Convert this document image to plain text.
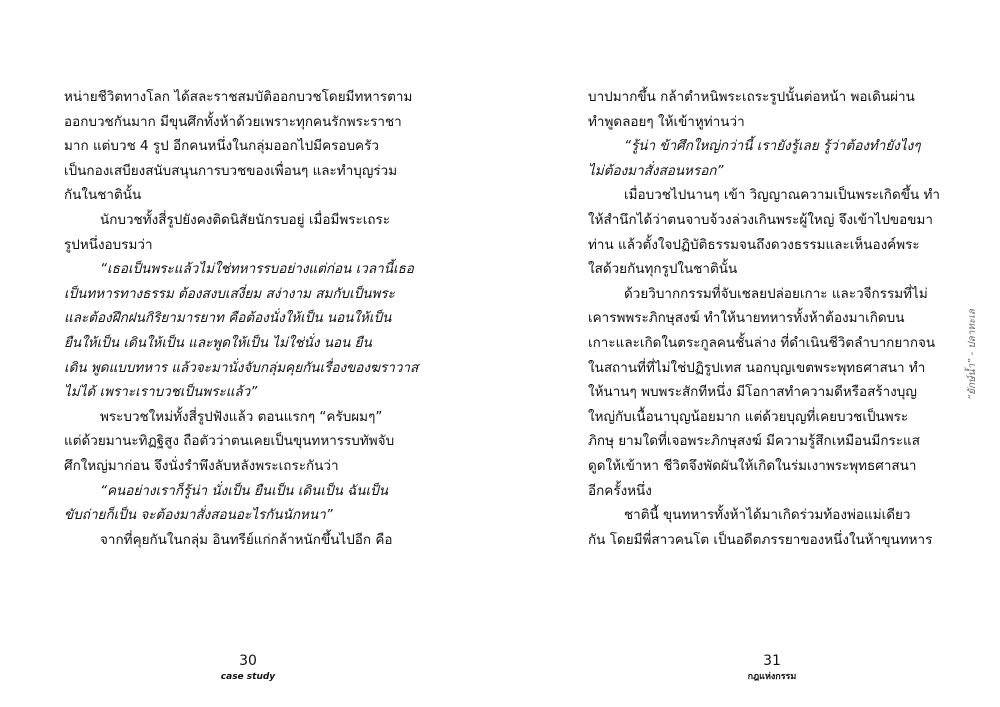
หน่ายชีวิตทางโลก ได้สละราชสมบัติออกบวชโดยมีทหารตาม
ออกบวชกันมาก มีขุนศึกทั้งห้าด้วยเพราะทุกคนรักพระราชา
มาก แต่บวช 4 รูป อีกคนหนึ่งในกลุ่มออกไปมีครอบครัว
เป็นกองเสบียงสนับสนุนการบวชของเพื่อนๆ และทำบุญร่วม
กันในชาตินั้น
นักบวชทั้งสี่รูปยังคงติดนิสัยนักรบอยู่ เมื่อมีพระเถระ
รูปหนึ่งอบรมว่า
“เธอเป็นพระแล้วไม่ใช่ทหารรบอย่างแต่ก่อน เวลานี้เธอ
เป็นทหารทางธรรม ต้องสงบเสงี่ยม สง่างาม สมกับเป็นพระ
และต้องฝึกฝนกิริยามารยาท คือต้องนั่งให้เป็น นอนให้เป็น
ยืนให้เป็น เดินให้เป็น และพูดให้เป็น ไม่ใช่นั่ง นอน ยืน
เดิน พูดแบบทหาร แล้วจะมานั่งจับกลุ่มคุยกันเรื่องของฆราวาส
ไม่ได้ เพราะเราบวชเป็นพระแล้ว”
พระบวชใหม่ทั้งสี่รูปฟังแล้ว ตอนแรกๆ “ครับผมๆ”
แต่ด้วยมานะทิฏฐิสูง ถือตัวว่าตนเคยเป็นขุนทหารรบทัพจับ
ศึกใหญ่มาก่อน จึงนั่งรำพึงลับหลังพระเถระกันว่า
“คนอย่างเราก็รู้น่า นั่งเป็น ยืนเป็น เดินเป็น ฉันเป็น
ขับถ่ายก็เป็น จะต้องมาสั่งสอนอะไรกันนักหนา”
จากที่คุยกันในกลุ่ม อินทรีย์แก่กล้าหนักขึ้นไปอีก คือ
30
case study
บาปมากขึ้น กล้าตำหนิพระเถระรูปนั้นต่อหน้า พอเดินผ่าน
ทำพูดลอยๆ ให้เข้าหูท่านว่า
“รู้น่า ข้าศึกใหญ่กว่านี้ เรายังรู้เลย รู้ว่าต้องทำยังไงๆ
ไม่ต้องมาสั่งสอนหรอก”
เมื่อบวชไปนานๆ เข้า วิญญาณความเป็นพระเกิดขึ้น ทำ
ให้สำนึกได้ว่าตนจาบจ้วงล่วงเกินพระผู้ใหญ่ จึงเข้าไปขอขมา
ท่าน แล้วตั้งใจปฏิบัติธรรมจนถึงดวงธรรมและเห็นองค์พระ
ใสด้วยกันทุกรูปในชาตินั้น
ด้วยวิบากกรรมที่จับเชลยปล่อยเกาะ และวจีกรรมที่ไม่
เคารพพระภิกษุสงฆ์ ทำให้นายทหารทั้งห้าต้องมาเกิดบน
เกาะและเกิดในตระกูลคนชั้นล่าง ที่ดำเนินชีวิตลำบากยากจน
ในสถานที่ที่ไม่ใช่ปฏิรูปเทส นอกบุญเขตพระพุทธศาสนา ทำ
ให้นานๆ พบพระสักทีหนึ่ง มีโอกาสทำความดีหรือสร้างบุญ
ใหญ่กับเนื้อนาบุญน้อยมาก แต่ด้วยบุญที่เคยบวชเป็นพระ
ภิกษุ ยามใดที่เจอพระภิกษุสงฆ์ มีความรู้สึกเหมือนมีกระแส
ดูดให้เข้าหา ชีวิตจึงพัดผันให้เกิดในร่มเงาพระพุทธศาสนา
อีกครั้งหนึ่ง
ชาตินี้ ขุนทหารทั้งห้าได้มาเกิดร่วมท้องพ่อแม่เดียว
กัน โดยมีพี่สาวคนโต เป็นอดีตภรรยาของหนึ่งในห้าขุนทหาร
31
กฎแห่งกรรม
“ยักษ์น้ำ” - ปลาทะเล
